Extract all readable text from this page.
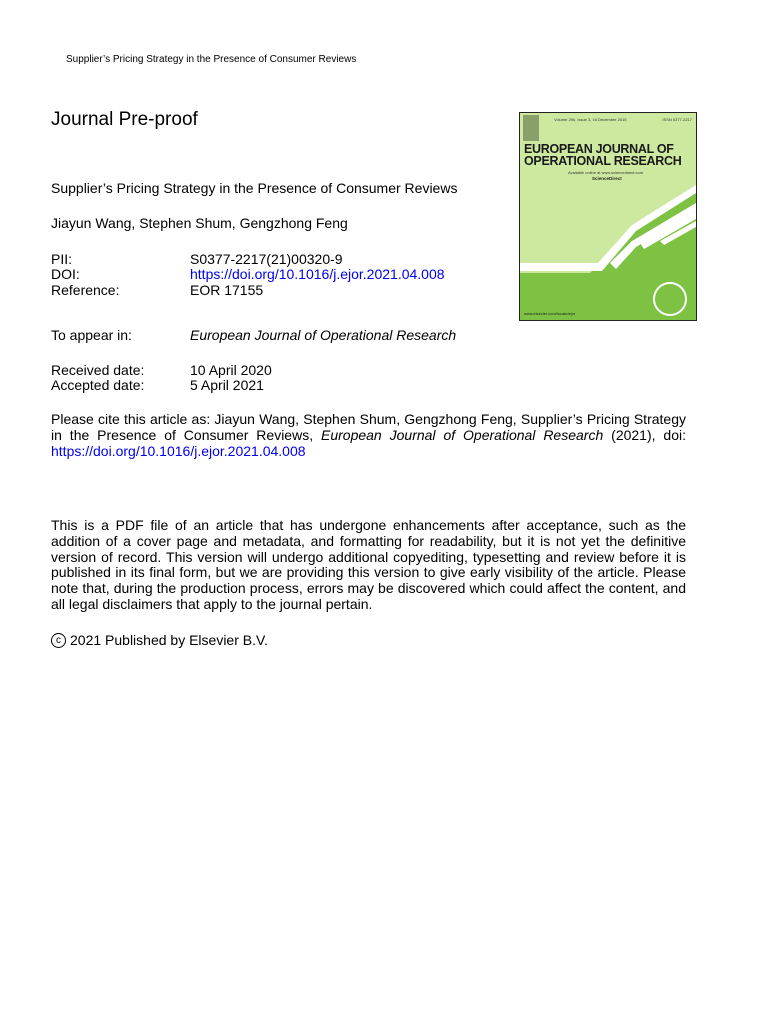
Supplier’s Pricing Strategy in the Presence of Consumer Reviews
Journal Pre-proof
Supplier’s Pricing Strategy in the Presence of Consumer Reviews
Jiayun Wang, Stephen Shum, Gengzhong Feng
PII:	S0377-2217(21)00320-9
DOI:	https://doi.org/10.1016/j.ejor.2021.04.008
Reference:	EOR 17155
To appear in:	European Journal of Operational Research
Received date:	10 April 2020
Accepted date:	5 April 2021
Please cite this article as: Jiayun Wang, Stephen Shum, Gengzhong Feng, Supplier’s Pricing Strategy in the Presence of Consumer Reviews, European Journal of Operational Research (2021), doi: https://doi.org/10.1016/j.ejor.2021.04.008
This is a PDF file of an article that has undergone enhancements after acceptance, such as the addition of a cover page and metadata, and formatting for readability, but it is not yet the definitive version of record. This version will undergo additional copyediting, typesetting and review before it is published in its final form, but we are providing this version to give early visibility of the article. Please note that, during the production process, errors may be discovered which could affect the content, and all legal disclaimers that apply to the journal pertain.
c 2021 Published by Elsevier B.V.
Volume 290, Issue 3, 16 December 2015	ISSN 0377-2217
EUROPEAN JOURNAL OF
OPERATIONAL RESEARCH
Available online at www.sciencedirect.com
ScienceDirect
www.elsevier.com/locate/ejor
